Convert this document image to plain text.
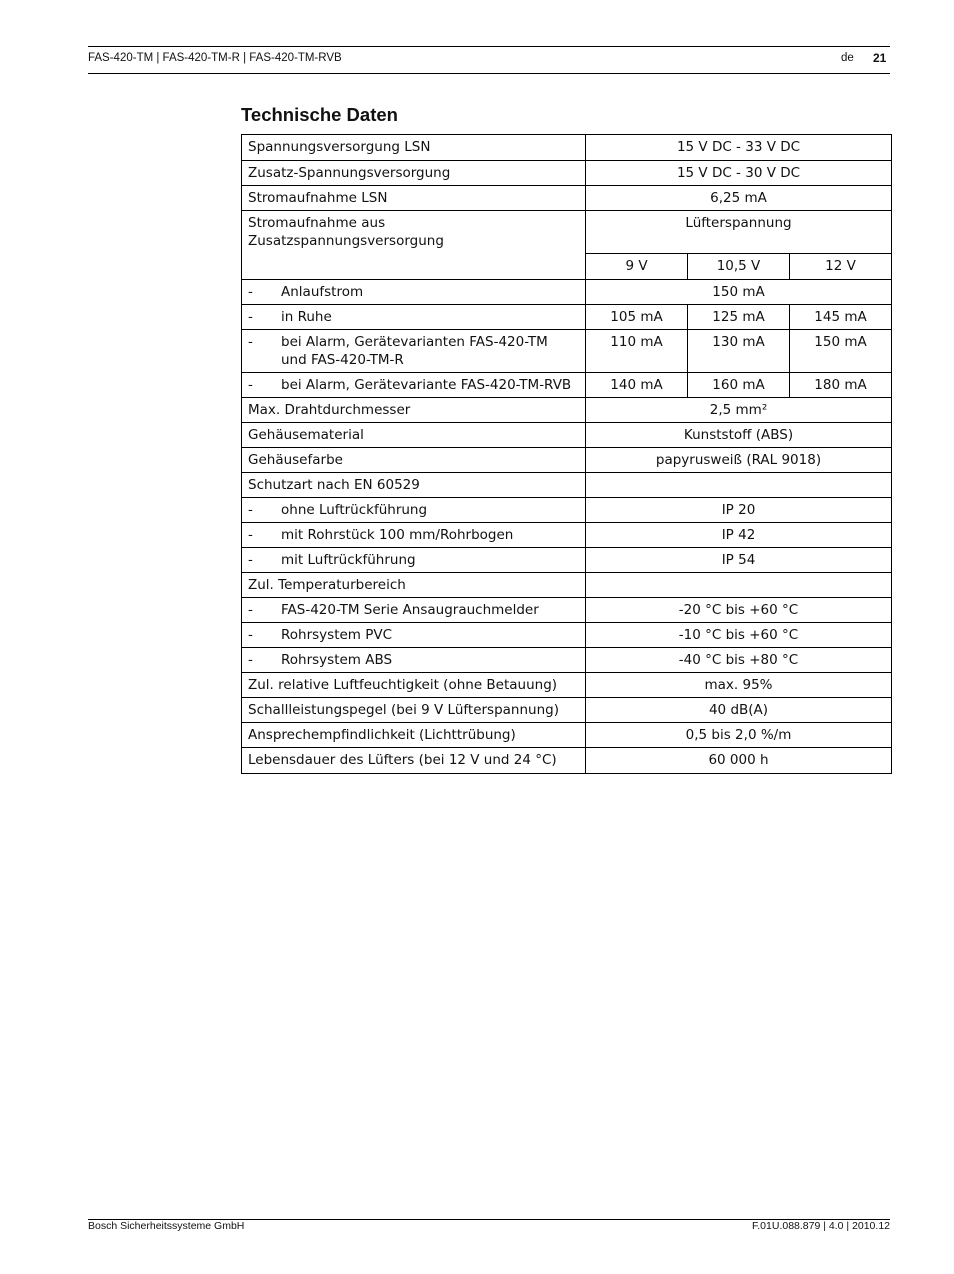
FAS-420-TM | FAS-420-TM-R | FAS-420-TM-RVB	de 21
Technische Daten
Spannungsversorgung LSN	15 V DC - 33 V DC		
Zusatz-Spannungsversorgung	15 V DC - 30 V DC		
Stromaufnahme LSN	6,25 mA		
Stromaufnahme aus
Zusatzspannungsversorgung	Lüfterspannung		
	9 V	10,5 V	12 V
- Anlaufstrom	150 mA		
- in Ruhe	105 mA	125 mA	145 mA
- bei Alarm, Gerätevarianten FAS-420-TM
und FAS-420-TM-R	110 mA	130 mA	150 mA
- bei Alarm, Gerätevariante FAS-420-TM-RVB	140 mA	160 mA	180 mA
Max. Drahtdurchmesser	2,5 mm²		
Gehäusematerial	Kunststoff (ABS)		
Gehäusefarbe	papyrusweiß (RAL 9018)		
Schutzart nach EN 60529			
- ohne Luftrückführung	IP 20		
- mit Rohrstück 100 mm/Rohrbogen	IP 42		
- mit Luftrückführung	IP 54		
Zul. Temperaturbereich			
- FAS-420-TM Serie Ansaugrauchmelder	-20 °C bis +60 °C		
- Rohrsystem PVC	-10 °C bis +60 °C		
- Rohrsystem ABS	-40 °C bis +80 °C		
Zul. relative Luftfeuchtigkeit (ohne Betauung)	max. 95%		
Schallleistungspegel (bei 9 V Lüfterspannung)	40 dB(A)		
Ansprechempfindlichkeit (Lichttrübung)	0,5 bis 2,0 %/m		
Lebensdauer des Lüfters (bei 12 V und 24 °C)	60 000 h		
Bosch Sicherheitssysteme GmbH	F.01U.088.879 | 4.0 | 2010.12
